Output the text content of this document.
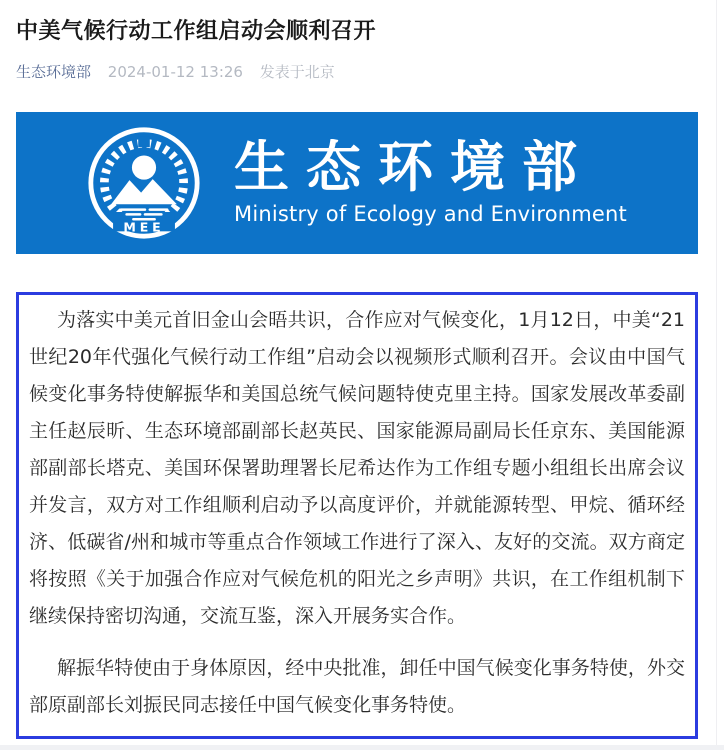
中美气候行动工作组启动会顺利召开
生态环境部 2024-01-12 13:26 发表于北京
MEE
生态环境部
Ministry of Ecology and Environment

为落实中美元首旧金山会晤共识，合作应对气候变化，1月12日，中美“21世纪20年代强化气候行动工作组”启动会以视频形式顺利召开。会议由中国气候变化事务特使解振华和美国总统气候问题特使克里主持。国家发展改革委副主任赵辰昕、生态环境部副部长赵英民、国家能源局副局长任京东、美国能源部副部长塔克、美国环保署助理署长尼希达作为工作组专题小组组长出席会议并发言，双方对工作组顺利启动予以高度评价，并就能源转型、甲烷、循环经济、低碳省/州和城市等重点合作领域工作进行了深入、友好的交流。双方商定将按照《关于加强合作应对气候危机的阳光之乡声明》共识，在工作组机制下继续保持密切沟通，交流互鉴，深入开展务实合作。

解振华特使由于身体原因，经中央批准，卸任中国气候变化事务特使，外交部原副部长刘振民同志接任中国气候变化事务特使。
